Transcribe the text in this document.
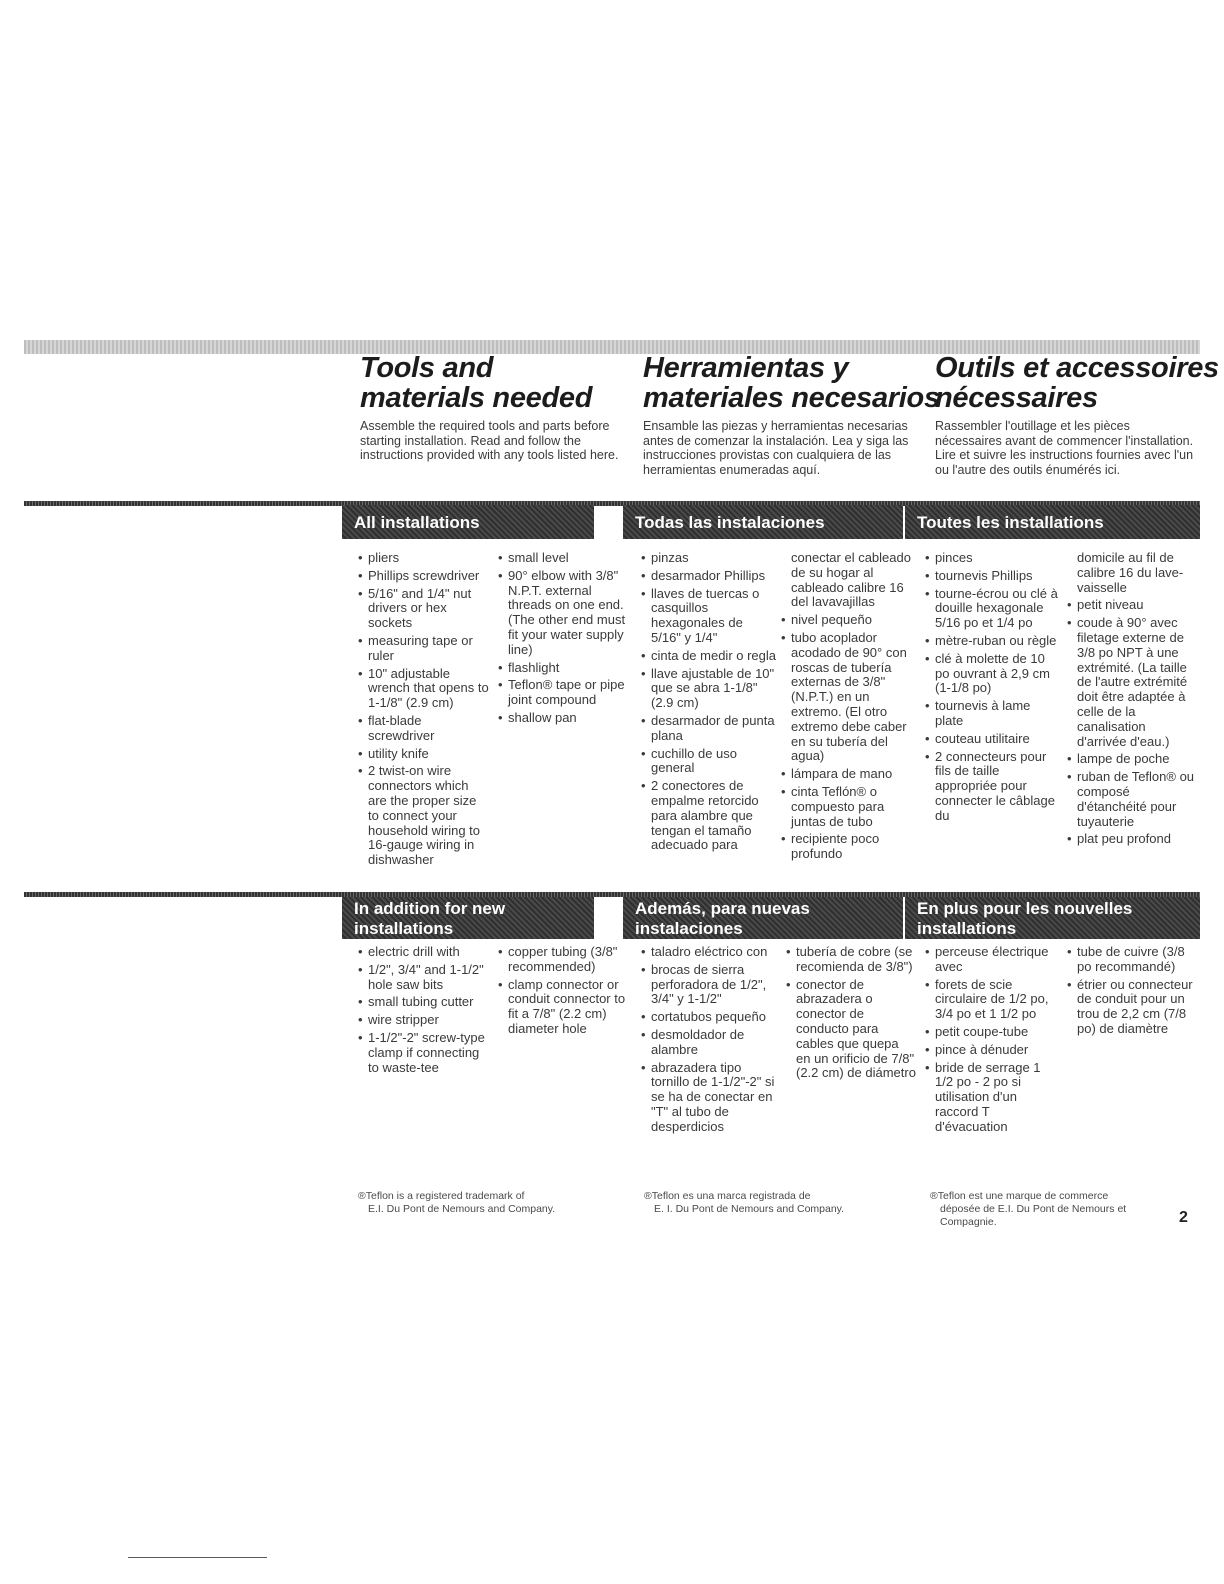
Tools and
materials needed
Assemble the required tools and parts before starting installation. Read and follow the instructions provided with any tools listed here.
Herramientas y
materiales necesarios
Ensamble las piezas y herramientas necesarias antes de comenzar la instalación. Lea y siga las instrucciones provistas con cualquiera de las herramientas enumeradas aquí.
Outils et accessoires
nécessaires
Rassembler l'outillage et les pièces nécessaires avant de commencer l'installation. Lire et suivre les instructions fournies avec l'un ou l'autre des outils énumérés ici.
All installations	Todas las instalaciones	Toutes les installations
• pliers
• Phillips screwdriver
• 5/16" and 1/4" nut drivers or hex sockets
• measuring tape or ruler
• 10" adjustable wrench that opens to 1-1/8" (2.9 cm)
• flat-blade screwdriver
• utility knife
• 2 twist-on wire connectors which are the proper size to connect your household wiring to 16-gauge wiring in dishwasher
• small level
• 90° elbow with 3/8" N.P.T. external threads on one end. (The other end must fit your water supply line)
• flashlight
• Teflon® tape or pipe joint compound
• shallow pan
• pinzas
• desarmador Phillips
• llaves de tuercas o casquillos hexagonales de 5/16" y 1/4"
• cinta de medir o regla
• llave ajustable de 10" que se abra 1-1/8" (2.9 cm)
• desarmador de punta plana
• cuchillo de uso general
• 2 conectores de empalme retorcido para alambre que tengan el tamaño adecuado para
conectar el cableado de su hogar al cableado calibre 16 del lavavajillas
• nivel pequeño
• tubo acoplador acodado de 90° con roscas de tubería externas de 3/8" (N.P.T.) en un extremo. (El otro extremo debe caber en su tubería del agua)
• lámpara de mano
• cinta Teflón® o compuesto para juntas de tubo
• recipiente poco profundo
• pinces
• tournevis Phillips
• tourne-écrou ou clé à douille hexagonale 5/16 po et 1/4 po
• mètre-ruban ou règle
• clé à molette de 10 po ouvrant à 2,9 cm (1-1/8 po)
• tournevis à lame plate
• couteau utilitaire
• 2 connecteurs pour fils de taille appropriée pour connecter le câblage du
domicile au fil de calibre 16 du lave-vaisselle
• petit niveau
• coude à 90° avec filetage externe de 3/8 po NPT à une extrémité. (La taille de l'autre extrémité doit être adaptée à celle de la canalisation d'arrivée d'eau.)
• lampe de poche
• ruban de Teflon® ou composé d'étanchéité pour tuyauterie
• plat peu profond
In addition for new installations
Además, para nuevas instalaciones
En plus pour les nouvelles installations
• electric drill with
• 1/2", 3/4" and 1-1/2" hole saw bits
• small tubing cutter
• wire stripper
• 1-1/2"-2" screw-type clamp if connecting to waste-tee
• copper tubing (3/8" recommended)
• clamp connector or conduit connector to fit a 7/8" (2.2 cm) diameter hole
• taladro eléctrico con
• brocas de sierra perforadora de 1/2", 3/4" y 1-1/2"
• cortatubos pequeño
• desmoldador de alambre
• abrazadera tipo tornillo de 1-1/2"-2" si se ha de conectar en "T" al tubo de desperdicios
• tubería de cobre (se recomienda de 3/8")
• conector de abrazadera o conector de conducto para cables que quepa en un orificio de 7/8" (2.2 cm) de diámetro
• perceuse électrique avec
• forets de scie circulaire de 1/2 po, 3/4 po et 1 1/2 po
• petit coupe-tube
• pince à dénuder
• bride de serrage 1 1/2 po - 2 po si utilisation d'un raccord T d'évacuation
• tube de cuivre (3/8 po recommandé)
• étrier ou connecteur de conduit pour un trou de 2,2 cm (7/8 po) de diamètre
®Teflon is a registered trademark of
E.I. Du Pont de Nemours and Company.
®Teflon es una marca registrada de
E. I. Du Pont de Nemours and Company.
®Teflon est une marque de commerce
déposée de E.I. Du Pont de Nemours et Compagnie.	2
